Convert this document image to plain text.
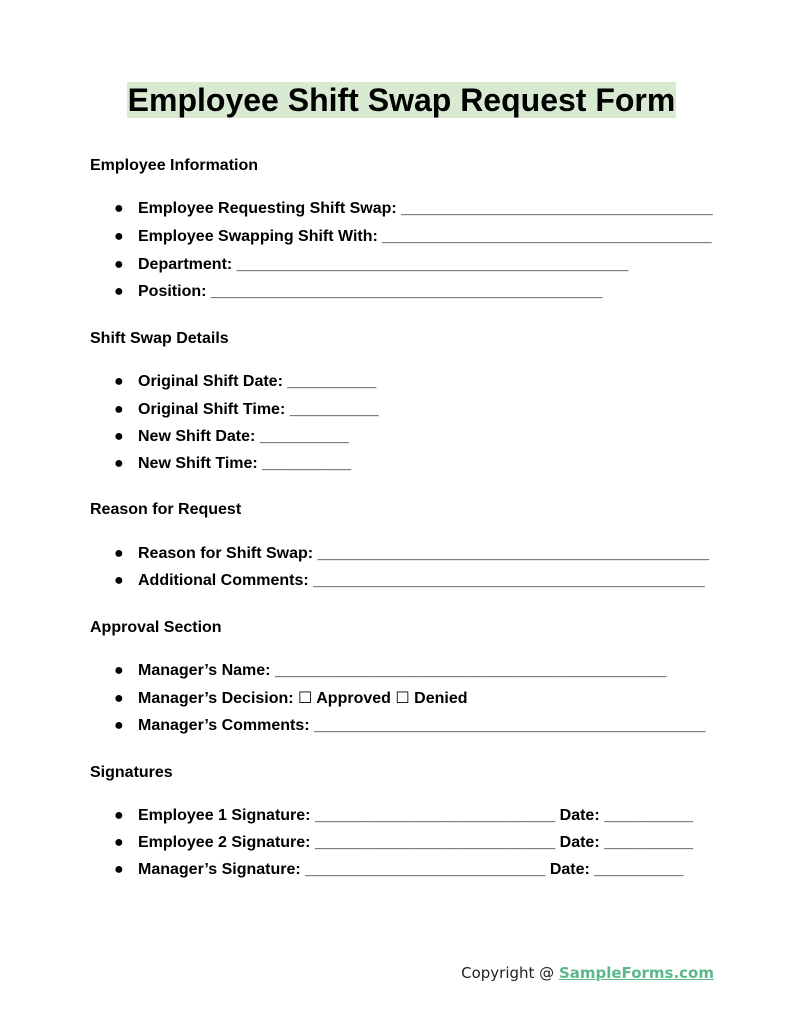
Employee Shift Swap Request Form

Employee Information

● Employee Requesting Shift Swap: ___________________________________
● Employee Swapping Shift With: _____________________________________
● Department: ____________________________________________
● Position: ____________________________________________

Shift Swap Details

● Original Shift Date: __________
● Original Shift Time: __________
● New Shift Date: __________
● New Shift Time: __________

Reason for Request

● Reason for Shift Swap: ____________________________________________
● Additional Comments: ____________________________________________

Approval Section

● Manager’s Name: ____________________________________________
● Manager’s Decision: ☐ Approved ☐ Denied
● Manager’s Comments: ____________________________________________

Signatures

● Employee 1 Signature: ___________________________ Date: __________
● Employee 2 Signature: ___________________________ Date: __________
● Manager’s Signature: ___________________________ Date: __________
Copyright @ SampleForms.com
